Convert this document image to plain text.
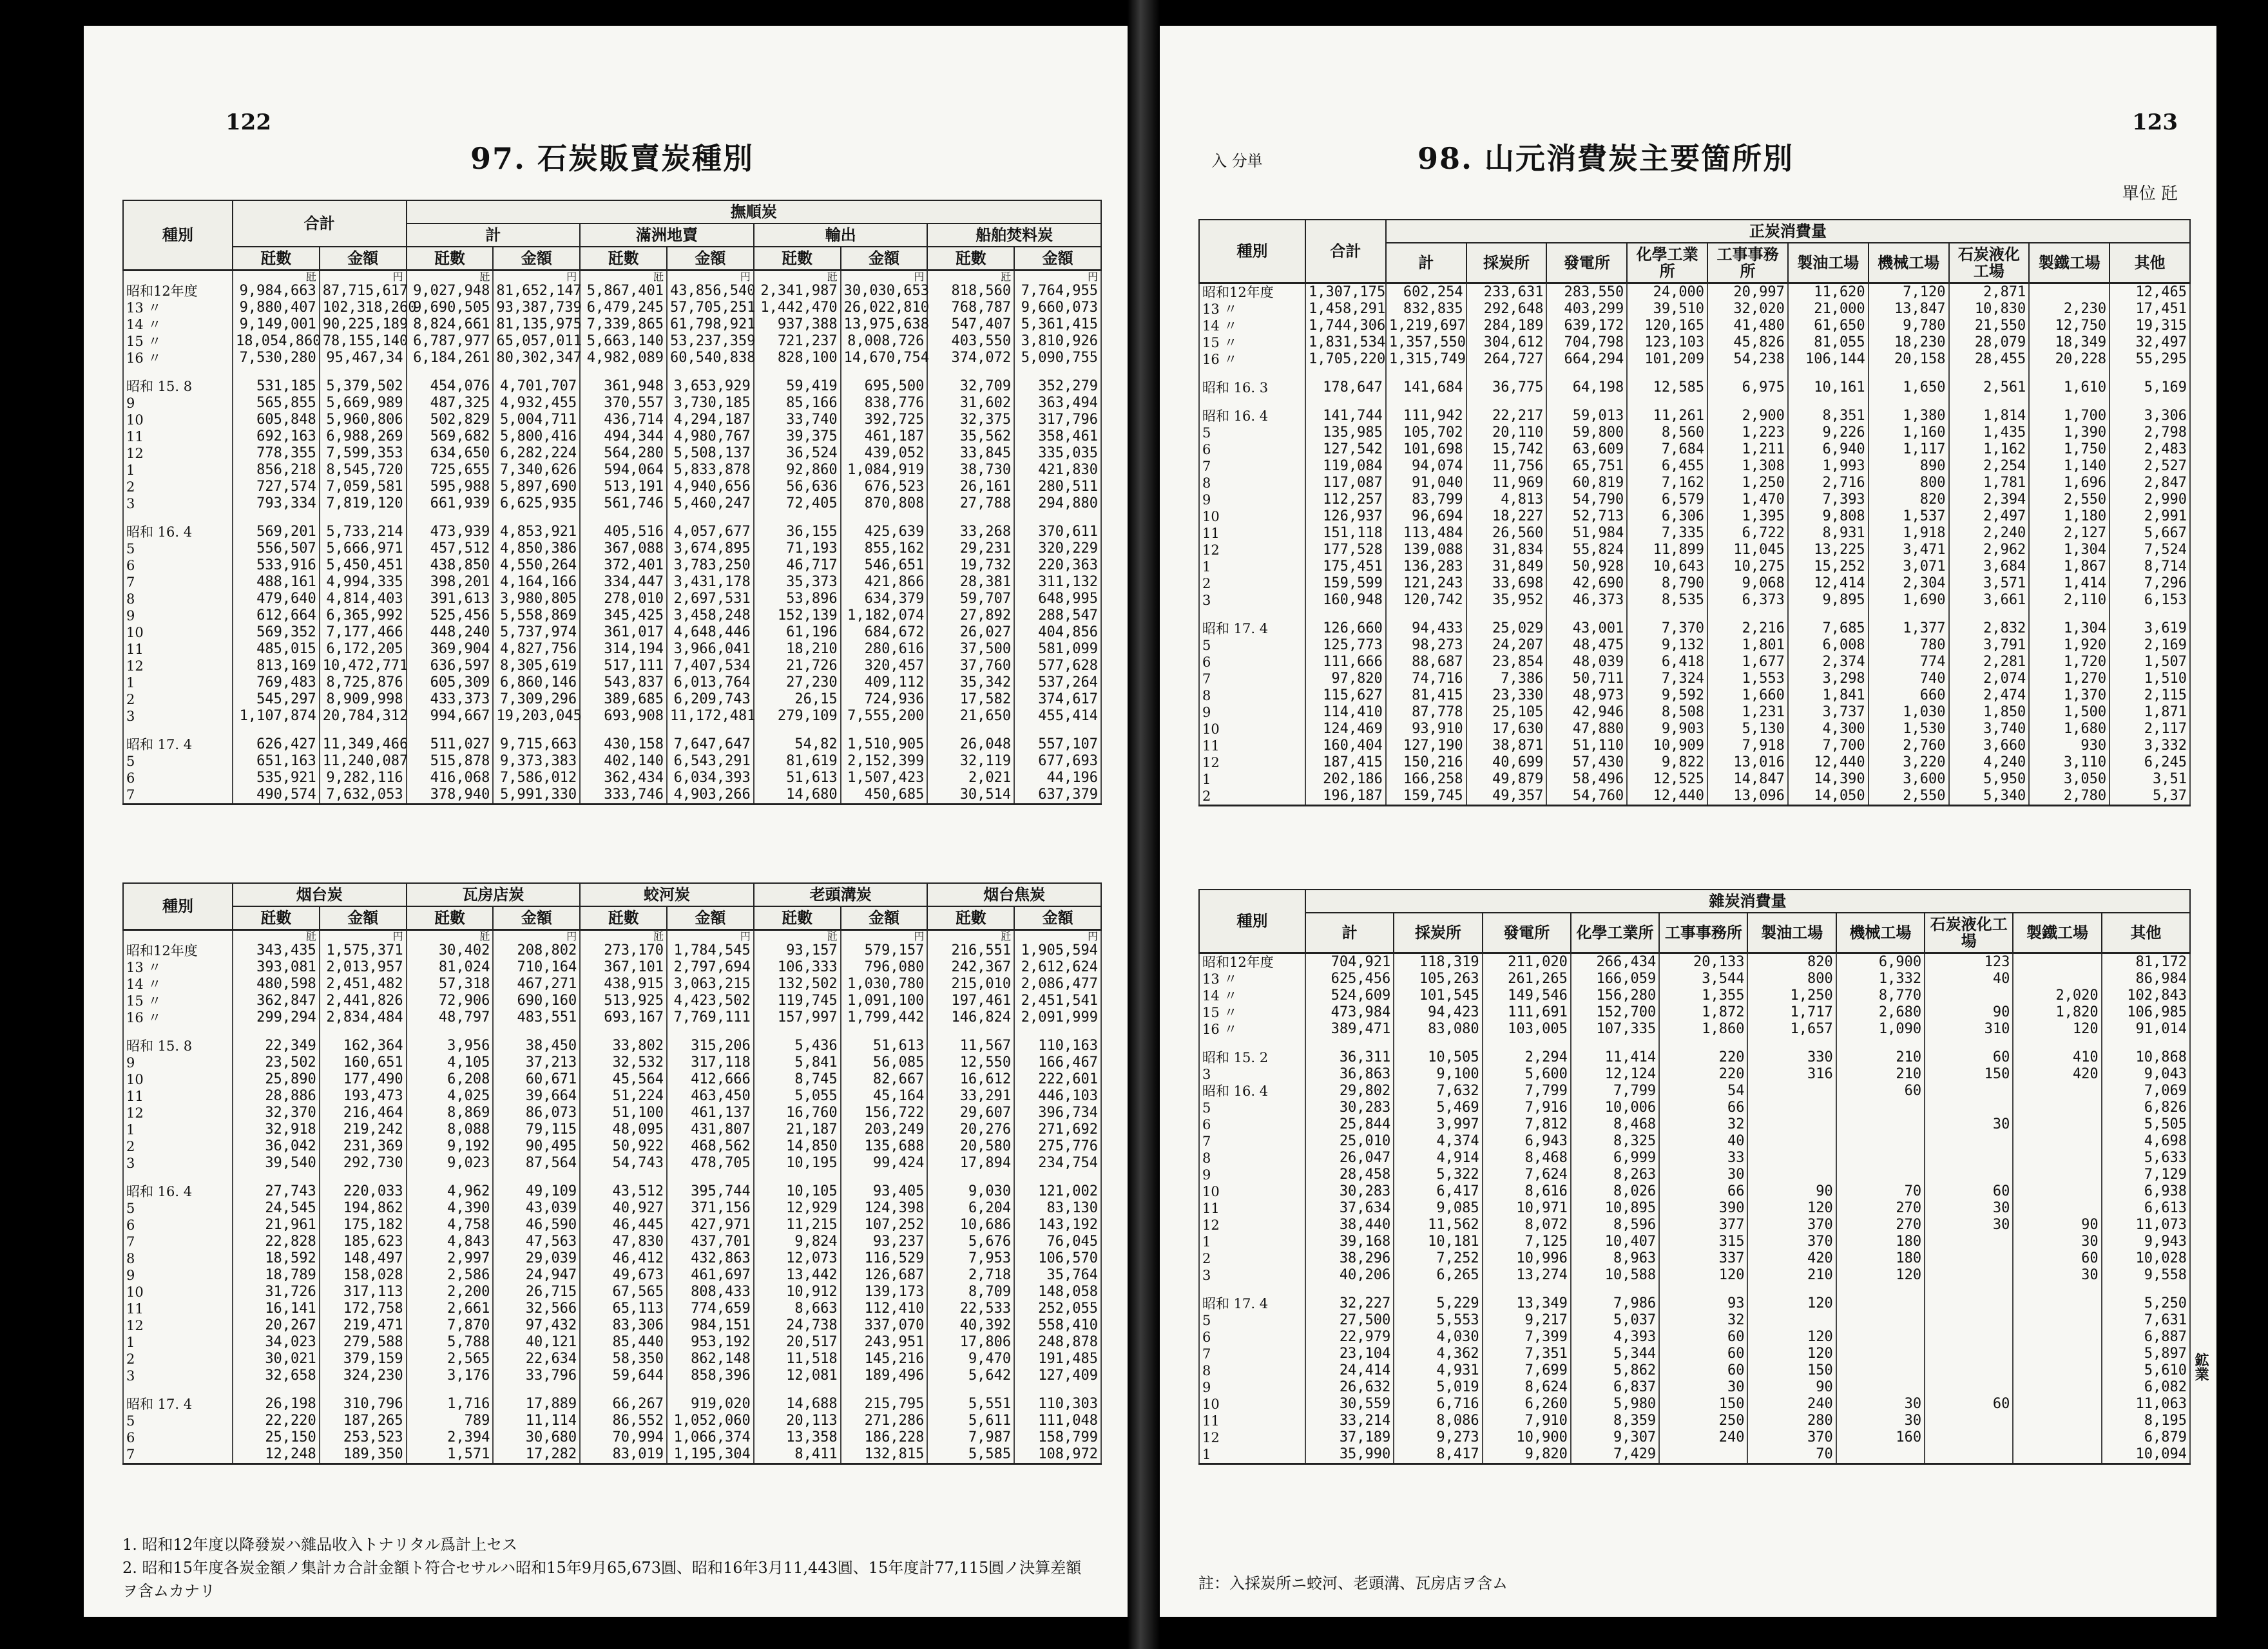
122
97. 石炭販賣炭種別
種別	合計		撫順炭							
			計		滿洲地賣		輸出		船舶焚料炭	
	瓩數	金額	瓩數	金額	瓩數	金額	瓩數	金額	瓩數	金額
	瓩	円	瓩	円	瓩	円	瓩	円	瓩	円
昭和12年度	9,984,663	87,715,617	9,027,948	81,652,147	5,867,401	43,856,540	2,341,987	30,030,653	818,560	7,764,955
13 〃	9,880,407	102,318,260	9,690,505	93,387,739	6,479,245	57,705,251	1,442,470	26,022,810	768,787	9,660,073
14 〃	9,149,001	90,225,189	8,824,661	81,135,975	7,339,865	61,798,921	937,388	13,975,638	547,407	5,361,415
15 〃	18,054,860	78,155,140	6,787,977	65,057,011	5,663,140	53,237,359	721,237	8,008,726	403,550	3,810,926
16 〃	7,530,280	95,467,34	6,184,261	80,302,347	4,982,089	60,540,838	828,100	14,670,754	374,072	5,090,755

昭和 15. 8	531,185	5,379,502	454,076	4,701,707	361,948	3,653,929	59,419	695,500	32,709	352,279
9	565,855	5,669,989	487,325	4,932,455	370,557	3,730,185	85,166	838,776	31,602	363,494
10	605,848	5,960,806	502,829	5,004,711	436,714	4,294,187	33,740	392,725	32,375	317,796
11	692,163	6,988,269	569,682	5,800,416	494,344	4,980,767	39,375	461,187	35,562	358,461
12	778,355	7,599,353	634,650	6,282,224	564,280	5,508,137	36,524	439,052	33,845	335,035
1	856,218	8,545,720	725,655	7,340,626	594,064	5,833,878	92,860	1,084,919	38,730	421,830
2	727,574	7,059,581	595,988	5,897,690	513,191	4,940,656	56,636	676,523	26,161	280,511
3	793,334	7,819,120	661,939	6,625,935	561,746	5,460,247	72,405	870,808	27,788	294,880

昭和 16. 4	569,201	5,733,214	473,939	4,853,921	405,516	4,057,677	36,155	425,639	33,268	370,611
5	556,507	5,666,971	457,512	4,850,386	367,088	3,674,895	71,193	855,162	29,231	320,229
6	533,916	5,450,451	438,850	4,550,264	372,401	3,783,250	46,717	546,651	19,732	220,363
7	488,161	4,994,335	398,201	4,164,166	334,447	3,431,178	35,373	421,866	28,381	311,132
8	479,640	4,814,403	391,613	3,980,805	278,010	2,697,531	53,896	634,379	59,707	648,995
9	612,664	6,365,992	525,456	5,558,869	345,425	3,458,248	152,139	1,182,074	27,892	288,547
10	569,352	7,177,466	448,240	5,737,974	361,017	4,648,446	61,196	684,672	26,027	404,856
11	485,015	6,172,205	369,904	4,827,756	314,194	3,966,041	18,210	280,616	37,500	581,099
12	813,169	10,472,771	636,597	8,305,619	517,111	7,407,534	21,726	320,457	37,760	577,628
1	769,483	8,725,876	605,309	6,860,146	543,837	6,013,764	27,230	409,112	35,342	537,264
2	545,297	8,909,998	433,373	7,309,296	389,685	6,209,743	26,15	724,936	17,582	374,617
3	1,107,874	20,784,312	994,667	19,203,045	693,908	11,172,481	279,109	7,555,200	21,650	455,414

昭和 17. 4	626,427	11,349,466	511,027	9,715,663	430,158	7,647,647	54,82	1,510,905	26,048	557,107
5	651,163	11,240,087	515,878	9,373,383	402,140	6,543,291	81,619	2,152,399	32,119	677,693
6	535,921	9,282,116	416,068	7,586,012	362,434	6,034,393	51,613	1,507,423	2,021	44,196
7	490,574	7,632,053	378,940	5,991,330	333,746	4,903,266	14,680	450,685	30,514	637,379
種別	烟台炭		瓦房店炭		蛟河炭		老頭溝炭		烟台焦炭	
	瓩數	金額	瓩數	金額	瓩數	金額	瓩數	金額	瓩數	金額
	瓩	円	瓩	円	瓩	円	瓩	円	瓩	円
昭和12年度	343,435	1,575,371	30,402	208,802	273,170	1,784,545	93,157	579,157	216,551	1,905,594
13 〃	393,081	2,013,957	81,024	710,164	367,101	2,797,694	106,333	796,080	242,367	2,612,624
14 〃	480,598	2,451,482	57,318	467,271	438,915	3,063,215	132,502	1,030,780	215,010	2,086,477
15 〃	362,847	2,441,826	72,906	690,160	513,925	4,423,502	119,745	1,091,100	197,461	2,451,541
16 〃	299,294	2,834,484	48,797	483,551	693,167	7,769,111	157,997	1,799,442	146,824	2,091,999

昭和 15. 8	22,349	162,364	3,956	38,450	33,802	315,206	5,436	51,613	11,567	110,163
9	23,502	160,651	4,105	37,213	32,532	317,118	5,841	56,085	12,550	166,467
10	25,890	177,490	6,208	60,671	45,564	412,666	8,745	82,667	16,612	222,601
11	28,886	193,473	4,025	39,664	51,224	463,450	5,055	45,164	33,291	446,103
12	32,370	216,464	8,869	86,073	51,100	461,137	16,760	156,722	29,607	396,734
1	32,918	219,242	8,088	79,115	48,095	431,807	21,187	203,249	20,276	271,692
2	36,042	231,369	9,192	90,495	50,922	468,562	14,850	135,688	20,580	275,776
3	39,540	292,730	9,023	87,564	54,743	478,705	10,195	99,424	17,894	234,754

昭和 16. 4	27,743	220,033	4,962	49,109	43,512	395,744	10,105	93,405	9,030	121,002
5	24,545	194,862	4,390	43,039	40,927	371,156	12,929	124,398	6,204	83,130
6	21,961	175,182	4,758	46,590	46,445	427,971	11,215	107,252	10,686	143,192
7	22,828	185,623	4,843	47,563	47,830	437,701	9,824	93,237	5,676	76,045
8	18,592	148,497	2,997	29,039	46,412	432,863	12,073	116,529	7,953	106,570
9	18,789	158,028	2,586	24,947	49,673	461,697	13,442	126,687	2,718	35,764
10	31,726	317,113	2,200	26,715	67,565	808,433	10,912	139,173	8,709	148,058
11	16,141	172,758	2,661	32,566	65,113	774,659	8,663	112,410	22,533	252,055
12	20,267	219,471	7,870	97,432	83,306	984,151	24,738	337,070	40,392	558,410
1	34,023	279,588	5,788	40,121	85,440	953,192	20,517	243,951	17,806	248,878
2	30,021	379,159	2,565	22,634	58,350	862,148	11,518	145,216	9,470	191,485
3	32,658	324,230	3,176	33,796	59,644	858,396	12,081	189,496	5,642	127,409

昭和 17. 4	26,198	310,796	1,716	17,889	66,267	919,020	14,688	215,795	5,551	110,303
5	22,220	187,265	789	11,114	86,552	1,052,060	20,113	271,286	5,611	111,048
6	25,150	253,523	2,394	30,680	70,994	1,066,374	13,358	186,228	7,987	158,799
7	12,248	189,350	1,571	17,282	83,019	1,195,304	8,411	132,815	5,585	108,972
1. 昭和12年度以降發炭ハ雜品收入トナリタル爲計上セス
2. 昭和15年度各炭金額ノ集計カ合計金額ト符合セサルハ昭和15年9月65,673圓、昭和16年3月11,443圓、15年度計77,115圓ノ決算差額ヲ含ムカナリ
123
入 分単	98. 山元消費炭主要箇所別
單位 瓩
種別	合計	正炭消費量									
		計	採炭所	發電所	化學工業所	工事事務所	製油工場	機械工場	石炭液化工場	製鐵工場	其他
昭和12年度	1,307,175	602,254	233,631	283,550	24,000	20,997	11,620	7,120	2,871		12,465
13 〃	1,458,291	832,835	292,648	403,299	39,510	32,020	21,000	13,847	10,830	2,230	17,451
14 〃	1,744,306	1,219,697	284,189	639,172	120,165	41,480	61,650	9,780	21,550	12,750	19,315
15 〃	1,831,534	1,357,550	304,612	704,798	123,103	45,826	81,055	18,230	28,079	18,349	32,497
16 〃	1,705,220	1,315,749	264,727	664,294	101,209	54,238	106,144	20,158	28,455	20,228	55,295

昭和 16. 3	178,647	141,684	36,775	64,198	12,585	6,975	10,161	1,650	2,561	1,610	5,169

昭和 16. 4	141,744	111,942	22,217	59,013	11,261	2,900	8,351	1,380	1,814	1,700	3,306
5	135,985	105,702	20,110	59,800	8,560	1,223	9,226	1,160	1,435	1,390	2,798
6	127,542	101,698	15,742	63,609	7,684	1,211	6,940	1,117	1,162	1,750	2,483
7	119,084	94,074	11,756	65,751	6,455	1,308	1,993	890	2,254	1,140	2,527
8	117,087	91,040	11,969	60,819	7,162	1,250	2,716	800	1,781	1,696	2,847
9	112,257	83,799	4,813	54,790	6,579	1,470	7,393	820	2,394	2,550	2,990
10	126,937	96,694	18,227	52,713	6,306	1,395	9,808	1,537	2,497	1,180	2,991
11	151,118	113,484	26,560	51,984	7,335	6,722	8,931	1,918	2,240	2,127	5,667
12	177,528	139,088	31,834	55,824	11,899	11,045	13,225	3,471	2,962	1,304	7,524
1	175,451	136,283	31,849	50,928	10,643	10,275	15,252	3,071	3,684	1,867	8,714
2	159,599	121,243	33,698	42,690	8,790	9,068	12,414	2,304	3,571	1,414	7,296
3	160,948	120,742	35,952	46,373	8,535	6,373	9,895	1,690	3,661	2,110	6,153

昭和 17. 4	126,660	94,433	25,029	43,001	7,370	2,216	7,685	1,377	2,832	1,304	3,619
5	125,773	98,273	24,207	48,475	9,132	1,801	6,008	780	3,791	1,920	2,169
6	111,666	88,687	23,854	48,039	6,418	1,677	2,374	774	2,281	1,720	1,507
7	97,820	74,716	7,386	50,711	7,324	1,553	3,298	740	2,074	1,270	1,510
8	115,627	81,415	23,330	48,973	9,592	1,660	1,841	660	2,474	1,370	2,115
9	114,410	87,778	25,105	42,946	8,508	1,231	3,737	1,030	1,850	1,500	1,871
10	124,469	93,910	17,630	47,880	9,903	5,130	4,300	1,530	3,740	1,680	2,117
11	160,404	127,190	38,871	51,110	10,909	7,918	7,700	2,760	3,660	930	3,332
12	187,415	150,216	40,699	57,430	9,822	13,016	12,440	3,220	4,240	3,110	6,245
1	202,186	166,258	49,879	58,496	12,525	14,847	14,390	3,600	5,950	3,050	3,51
2	196,187	159,745	49,357	54,760	12,440	13,096	14,050	2,550	5,340	2,780	5,37
種別	雜炭消費量									
	計	採炭所	發電所	化學工業所	工事事務所	製油工場	機械工場	石炭液化工場	製鐵工場	其他
昭和12年度	704,921	118,319	211,020	266,434	20,133	820	6,900	123		81,172
13 〃	625,456	105,263	261,265	166,059	3,544	800	1,332	40		86,984
14 〃	524,609	101,545	149,546	156,280	1,355	1,250	8,770		2,020	102,843
15 〃	473,984	94,423	111,691	152,700	1,872	1,717	2,680	90	1,820	106,985
16 〃	389,471	83,080	103,005	107,335	1,860	1,657	1,090	310	120	91,014

昭和 15. 2	36,311	10,505	2,294	11,414	220	330	210	60	410	10,868
3	36,863	9,100	5,600	12,124	220	316	210	150	420	9,043
昭和 16. 4	29,802	7,632	7,799	7,799	54		60			7,069
5	30,283	5,469	7,916	10,006	66					6,826
6	25,844	3,997	7,812	8,468	32			30		5,505
7	25,010	4,374	6,943	8,325	40					4,698
8	26,047	4,914	8,468	6,999	33					5,633
9	28,458	5,322	7,624	8,263	30					7,129
10	30,283	6,417	8,616	8,026	66	90	70	60		6,938
11	37,634	9,085	10,971	10,895	390	120	270	30		6,613
12	38,440	11,562	8,072	8,596	377	370	270	30	90	11,073
1	39,168	10,181	7,125	10,407	315	370	180		30	9,943
2	38,296	7,252	10,996	8,963	337	420	180		60	10,028
3	40,206	6,265	13,274	10,588	120	210	120		30	9,558

昭和 17. 4	32,227	5,229	13,349	7,986	93	120				5,250
5	27,500	5,553	9,217	5,037	32					7,631
6	22,979	4,030	7,399	4,393	60	120				6,887
7	23,104	4,362	7,351	5,344	60	120				5,897
8	24,414	4,931	7,699	5,862	60	150				5,610
9	26,632	5,019	8,624	6,837	30	90				6,082
10	30,559	6,716	6,260	5,980	150	240	30	60		11,063
11	33,214	8,086	7,910	8,359	250	280	30			8,195
12	37,189	9,273	10,900	9,307	240	370	160			6,879
1	35,990	8,417	9,820	7,429		70				10,094
註：入採炭所ニ蛟河、老頭溝、瓦房店ヲ含ム
鉱業
